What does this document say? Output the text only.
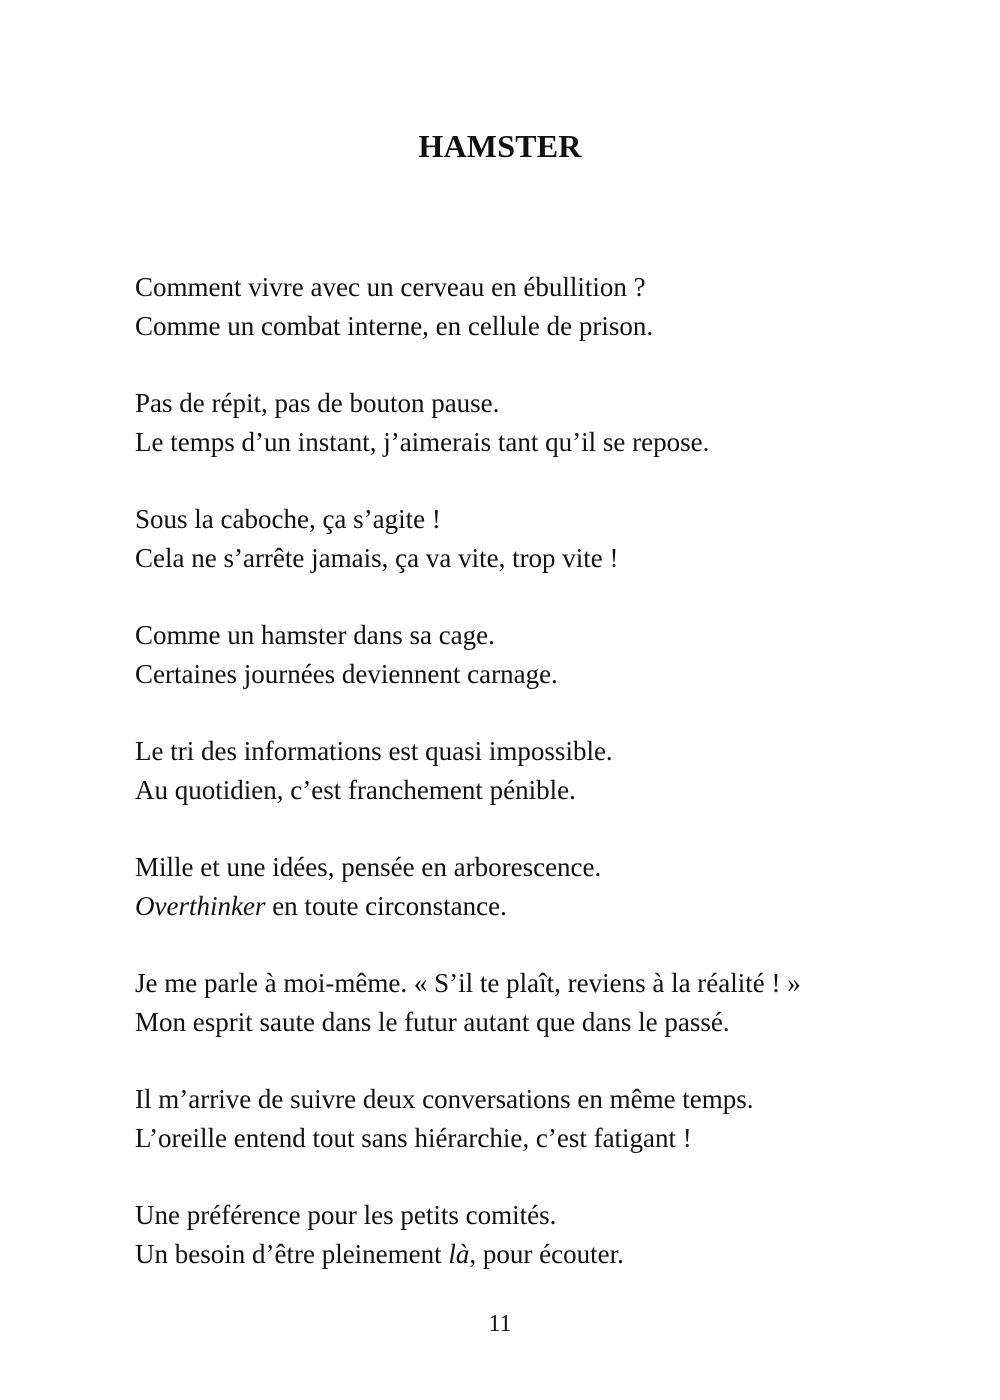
HAMSTER
Comment vivre avec un cerveau en ébullition ?
Comme un combat interne, en cellule de prison.
Pas de répit, pas de bouton pause.
Le temps d’un instant, j’aimerais tant qu’il se repose.
Sous la caboche, ça s’agite !
Cela ne s’arrête jamais, ça va vite, trop vite !
Comme un hamster dans sa cage.
Certaines journées deviennent carnage.
Le tri des informations est quasi impossible.
Au quotidien, c’est franchement pénible.
Mille et une idées, pensée en arborescence.
Overthinker en toute circonstance.
Je me parle à moi-même. « S’il te plaît, reviens à la réalité ! »
Mon esprit saute dans le futur autant que dans le passé.
Il m’arrive de suivre deux conversations en même temps.
L’oreille entend tout sans hiérarchie, c’est fatigant !
Une préférence pour les petits comités.
Un besoin d’être pleinement là, pour écouter.
11
